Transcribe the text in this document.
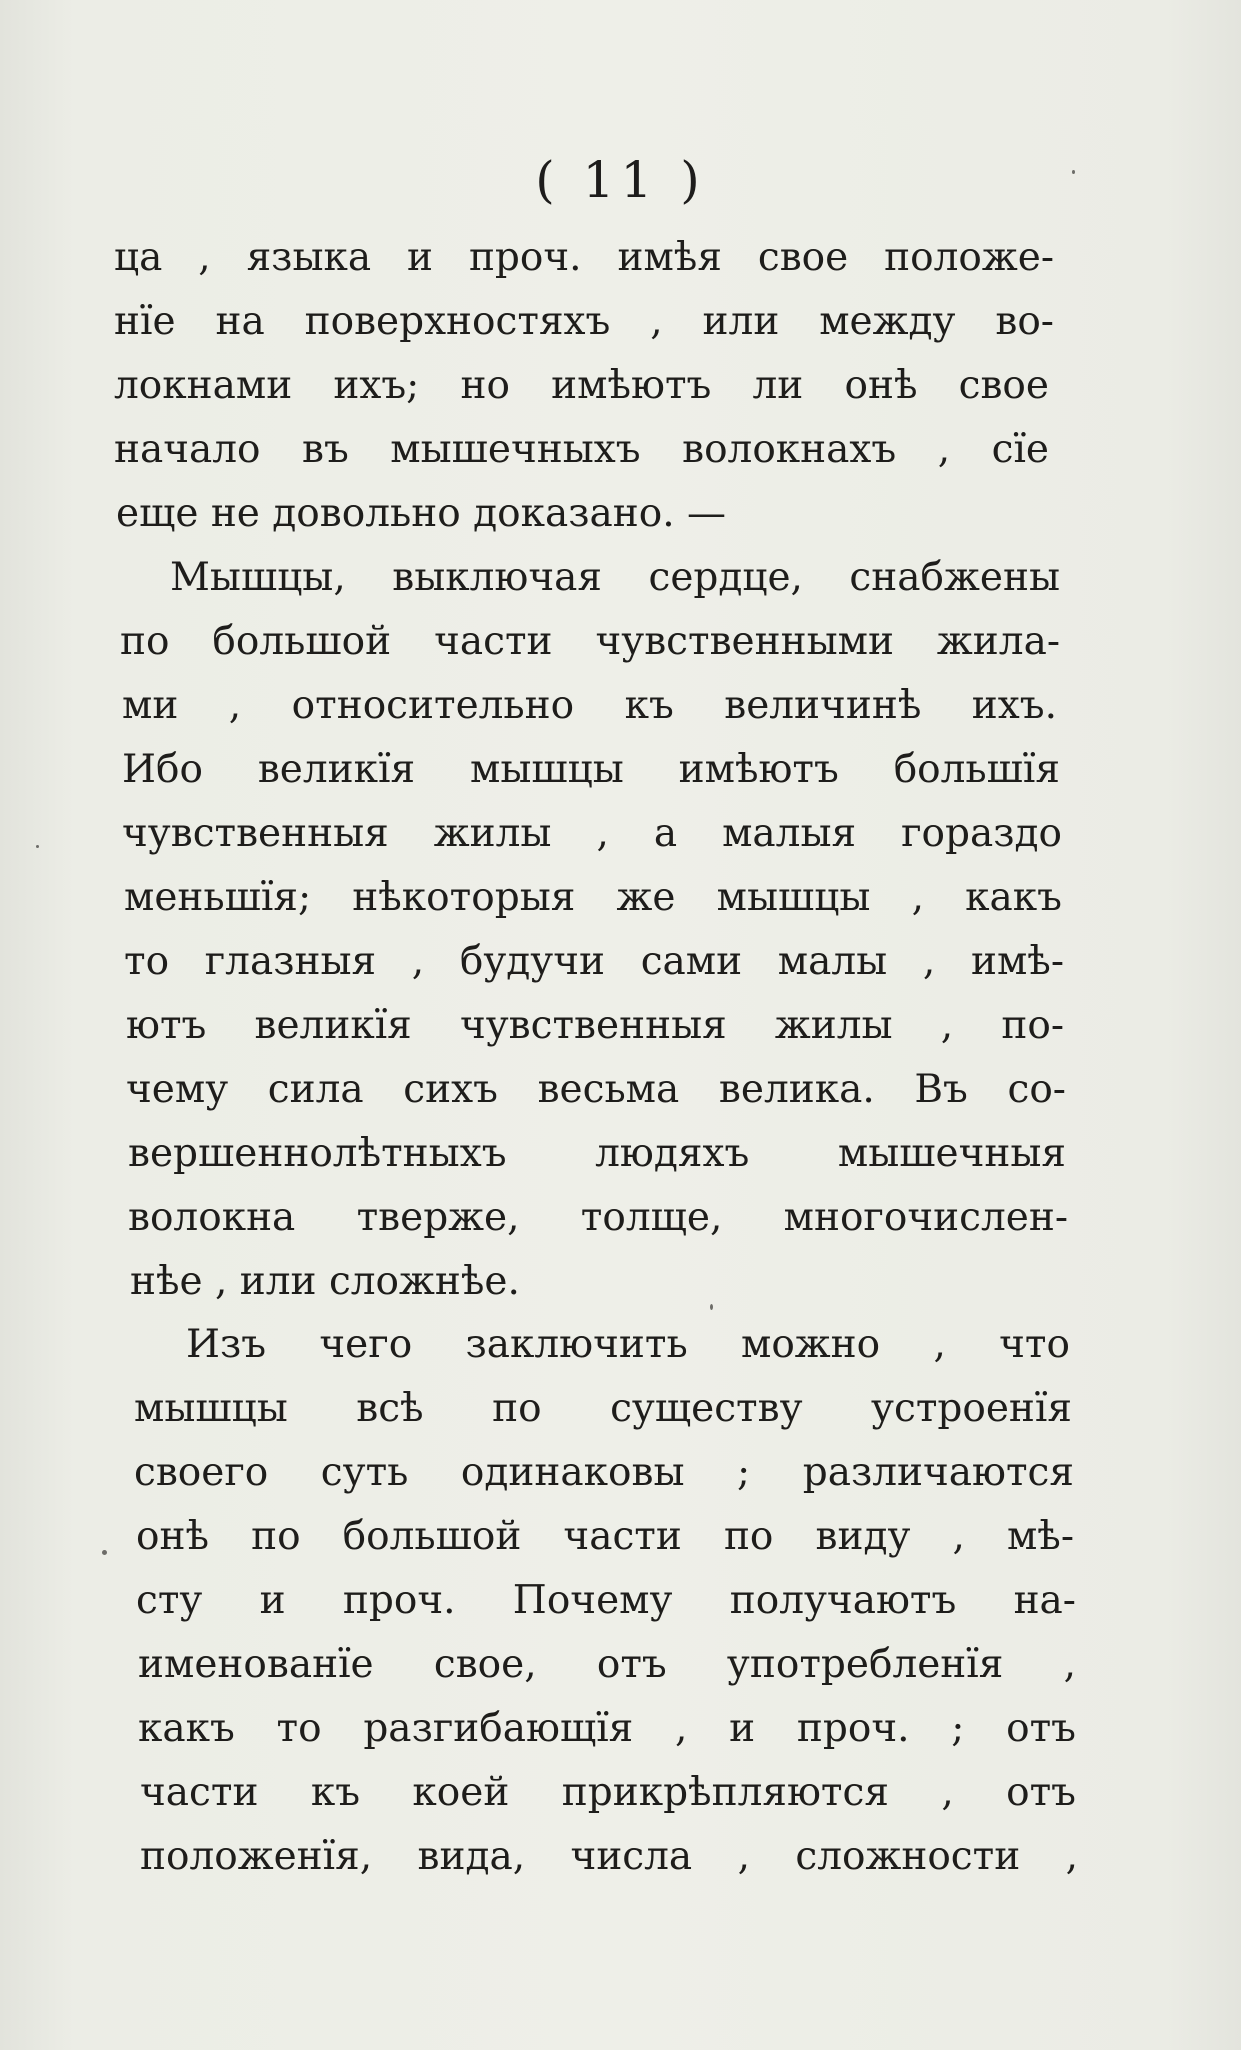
( 11 )
ца , языка и проч. имѣя свое положе-
нїе на поверхностяхъ , или между во-
локнами ихъ; но имѣютъ ли онѣ свое
начало въ мышечныхъ волокнахъ , сїе
еще не довольно доказано. —
Мышцы, выключая сердце, снабжены
по большой части чувственными жила-
ми , относительно къ величинѣ ихъ.
Ибо великїя мышцы имѣютъ большїя
чувственныя жилы , а малыя гораздо
меньшїя; нѣкоторыя же мышцы , какъ
то глазныя , будучи сами малы , имѣ-
ютъ великїя чувственныя жилы , по-
чему сила сихъ весьма велика. Въ со-
вершеннолѣтныхъ людяхъ мышечныя
волокна тверже, толще, многочислен-
нѣе , или сложнѣе.
Изъ чего заключить можно , что
мышцы всѣ по существу устроенїя
своего суть одинаковы ; различаются
онѣ по большой части по виду , мѣ-
сту и проч. Почему получаютъ на-
именованїе свое, отъ употребленїя ,
какъ то разгибающїя , и проч. ; отъ
части къ коей прикрѣпляются , отъ
положенїя, вида, числа , сложности ,
